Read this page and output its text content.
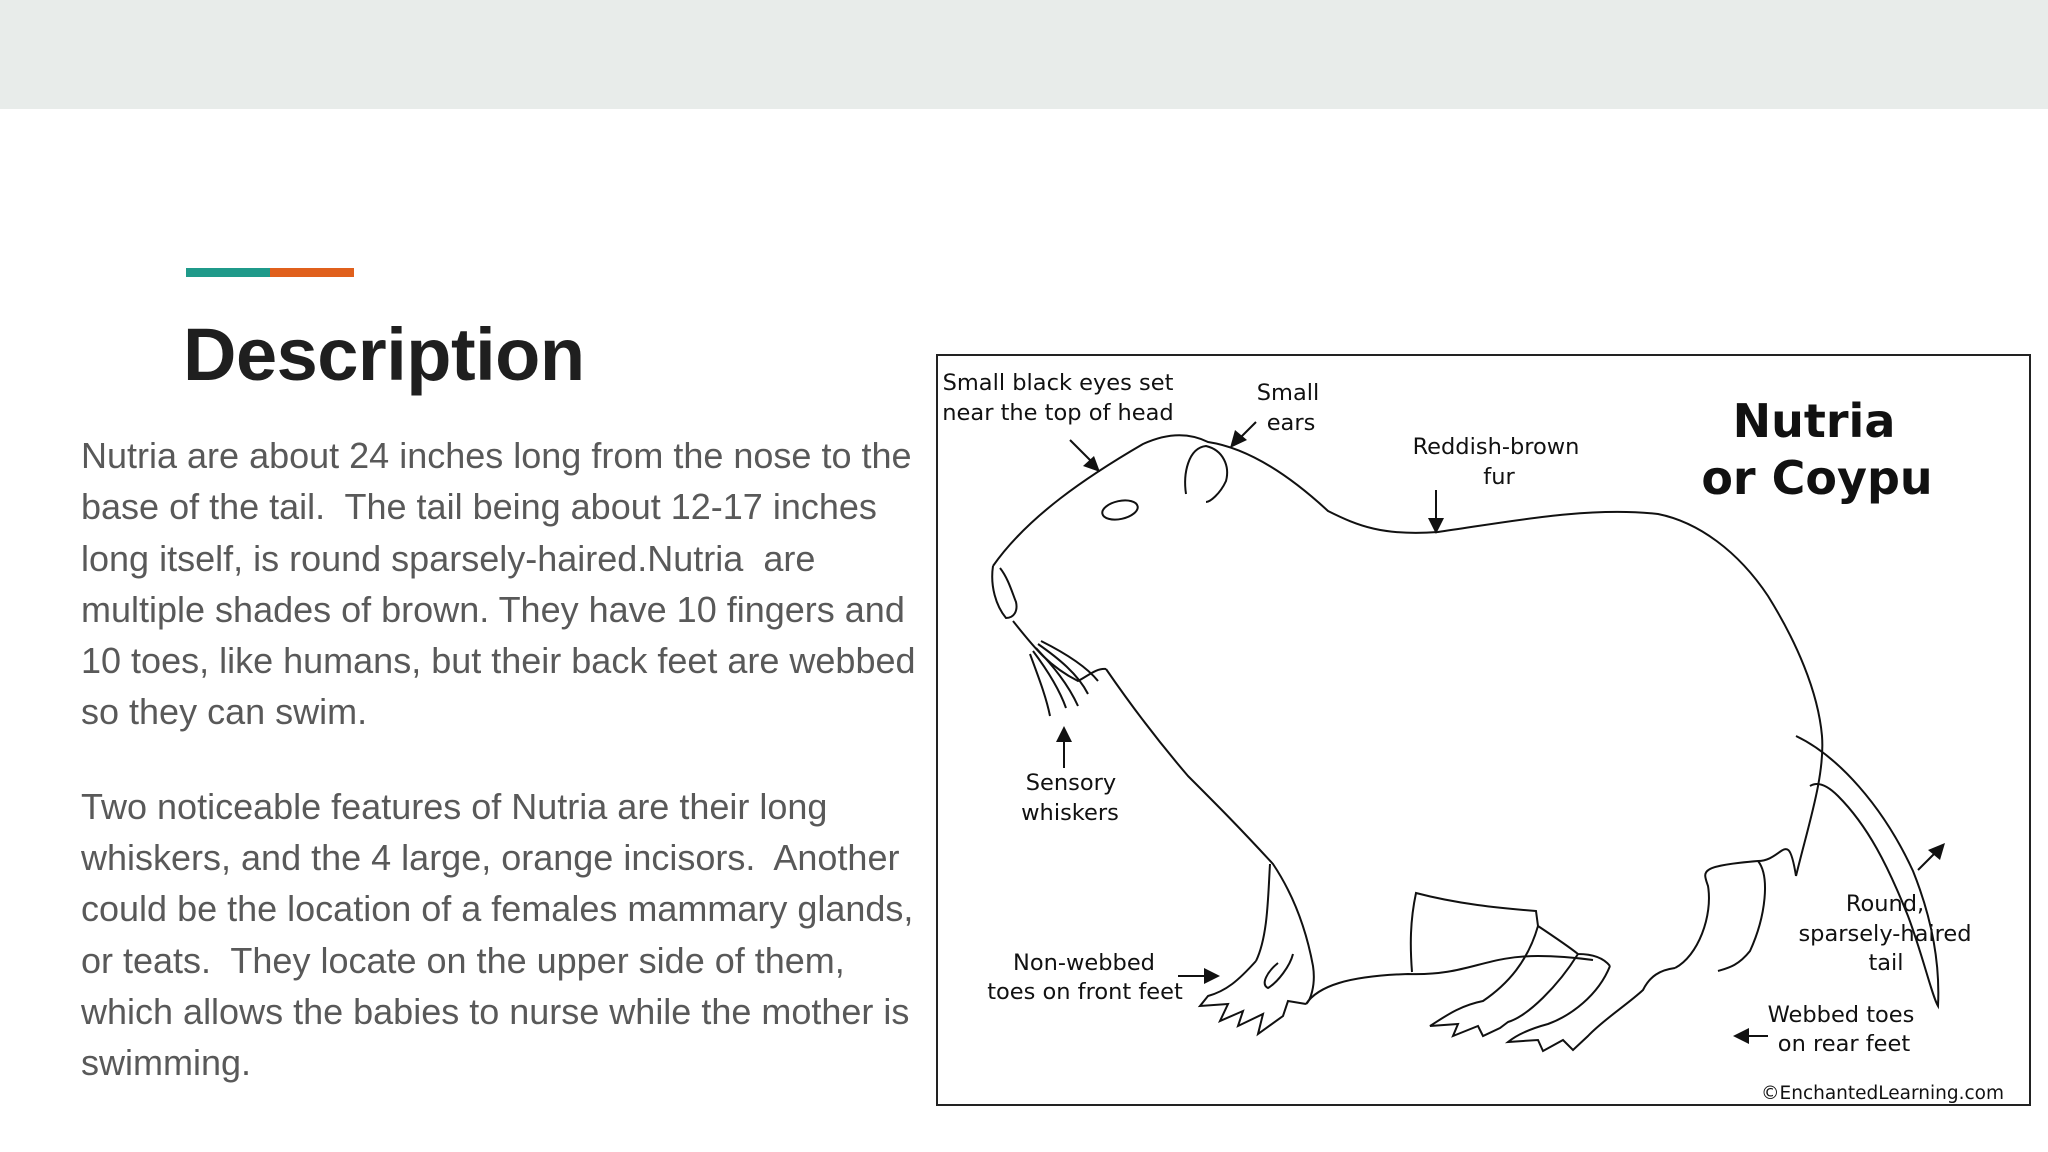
Description

Nutria are about 24 inches long from the nose to the base of the tail.  The tail being about 12-17 inches long itself, is round sparsely-haired.Nutria  are multiple shades of brown. They have 10 fingers and 10 toes, like humans, but their back feet are webbed so they can swim.

Two noticeable features of Nutria are their long whiskers, and the 4 large, orange incisors.  Another could be the location of a females mammary glands, or teats.  They locate on the upper side of them, which allows the babies to nurse while the mother is swimming.

Nutria
or Coypu
Small black eyes set
near the top of head
Small
ears
Reddish-brown
fur
Sensory
whiskers
Non-webbed
toes on front feet
Round,
sparsely-haired
tail
Webbed toes
on rear feet
©EnchantedLearning.com
